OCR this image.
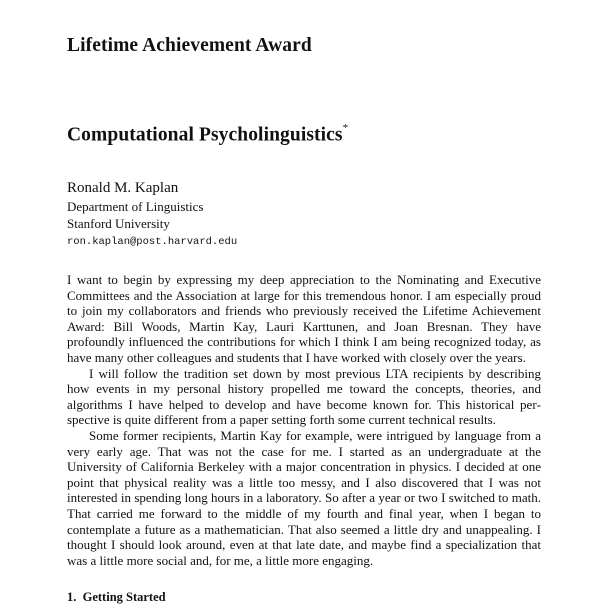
Lifetime Achievement Award
Computational Psycholinguistics*
Ronald M. Kaplan
Department of Linguistics
Stanford University
ron.kaplan@post.harvard.edu

I want to begin by expressing my deep appreciation to the Nominating and Executive Committees and the Association at large for this tremendous honor. I am especially proud to join my collaborators and friends who previously received the Lifetime Achievement Award: Bill Woods, Martin Kay, Lauri Karttunen, and Joan Bresnan. They have profoundly influenced the contributions for which I think I am being recognized today, as have many other colleagues and students that I have worked with closely over the years.

I will follow the tradition set down by most previous LTA recipients by describing how events in my personal history propelled me toward the concepts, theories, and algorithms I have helped to develop and have become known for. This historical perspective is quite different from a paper setting forth some current technical results.

Some former recipients, Martin Kay for example, were intrigued by language from a very early age. That was not the case for me. I started as an undergraduate at the University of California Berkeley with a major concentration in physics. I decided at one point that physical reality was a little too messy, and I also discovered that I was not interested in spending long hours in a laboratory. So after a year or two I switched to math. That carried me forward to the middle of my fourth and final year, when I began to contemplate a future as a mathematician. That also seemed a little dry and unappealing. I thought I should look around, even at that late date, and maybe find a specialization that was a little more social and, for me, a little more engaging.

1. Getting Started
